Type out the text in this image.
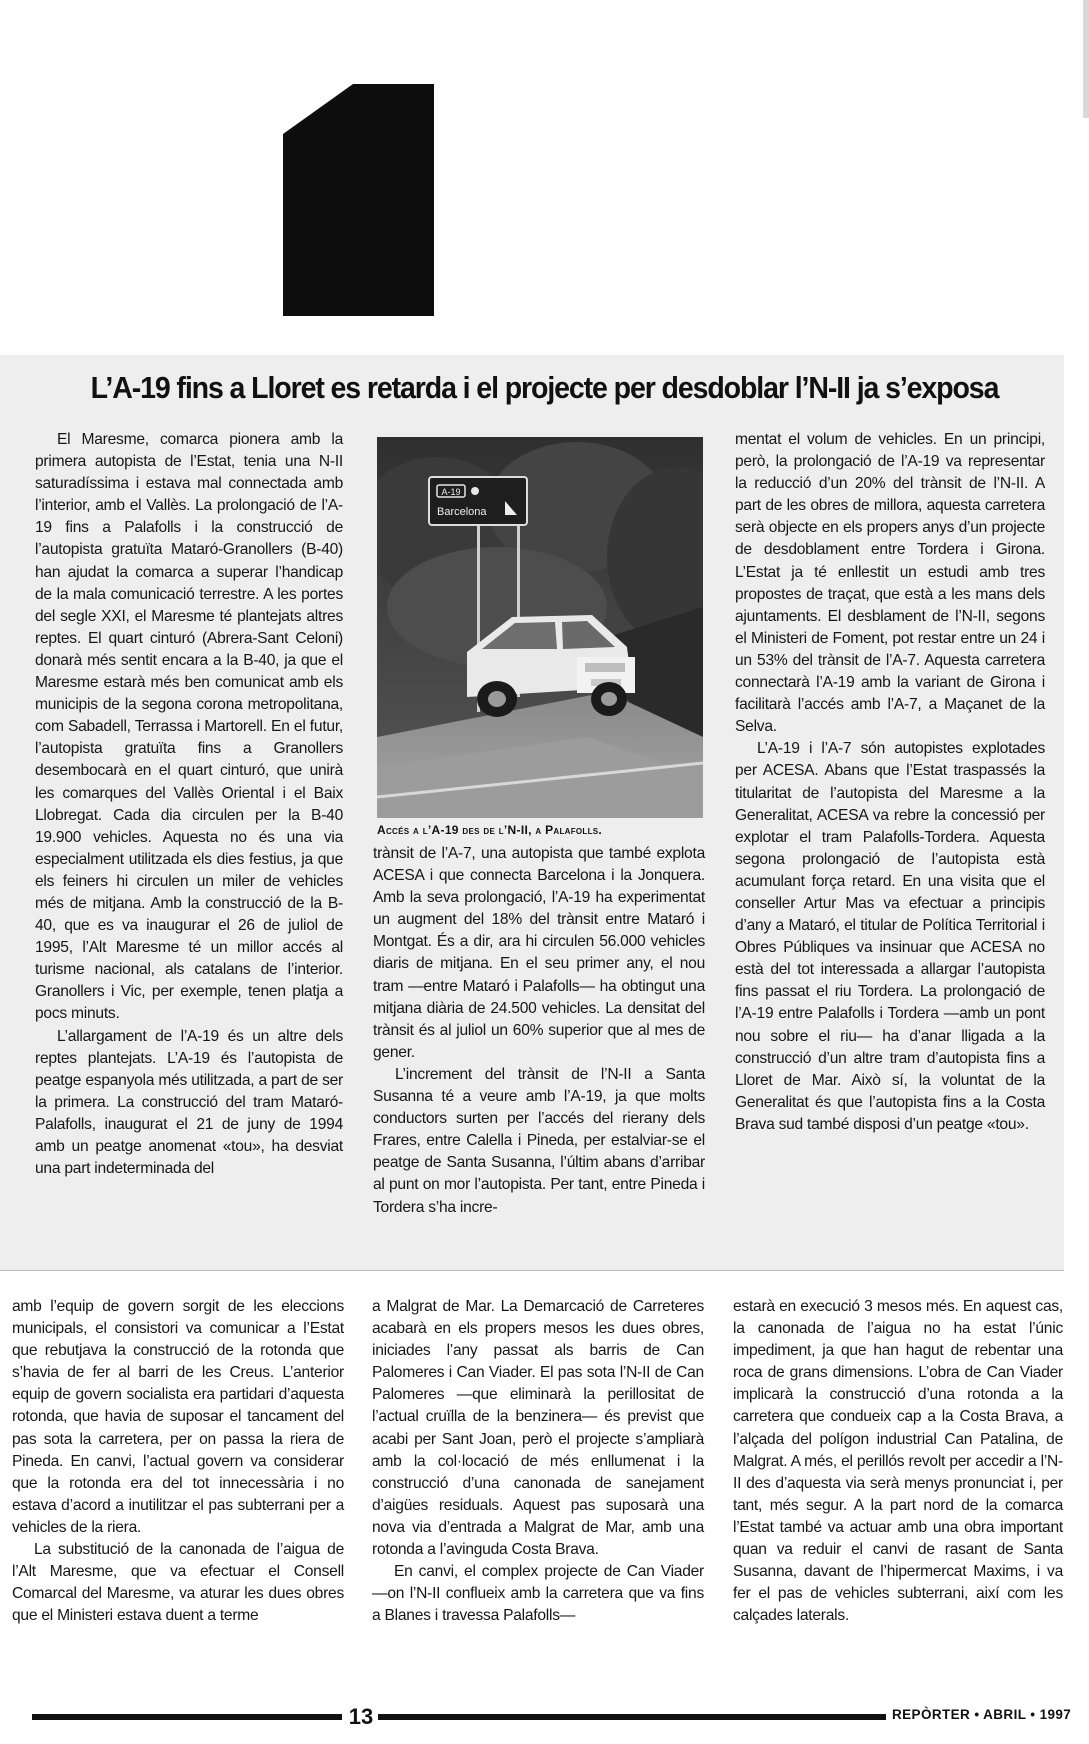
L’A-19 fins a Lloret es retarda i el projecte per desdoblar l’N-II ja s’exposa

El Maresme, comarca pionera amb la primera autopista de l’Estat, tenia una N-II saturadíssima i estava mal connectada amb l’interior, amb el Vallès. La prolongació de l’A-19 fins a Palafolls i la construcció de l’autopista gratuïta Mataró-Granollers (B-40) han ajudat la comarca a superar l’handicap de la mala comunicació terrestre. A les portes del segle XXI, el Maresme té plantejats altres reptes. El quart cinturó (Abrera-Sant Celoni) donarà més sentit encara a la B-40, ja que el Maresme estarà més ben comunicat amb els municipis de la segona corona metropolitana, com Sabadell, Terrassa i Martorell. En el futur, l’autopista gratuïta fins a Granollers desembocarà en el quart cinturó, que unirà les comarques del Vallès Oriental i el Baix Llobregat. Cada dia circulen per la B-40 19.900 vehicles. Aquesta no és una via especialment utilitzada els dies festius, ja que els feiners hi circulen un miler de vehicles més de mitjana. Amb la construcció de la B-40, que es va inaugurar el 26 de juliol de 1995, l’Alt Maresme té un millor accés al turisme nacional, als catalans de l’interior. Granollers i Vic, per exemple, tenen platja a pocs minuts.

L’allargament de l’A-19 és un altre dels reptes plantejats. L’A-19 és l’autopista de peatge espanyola més utilitzada, a part de ser la primera. La construcció del tram Mataró-Palafolls, inaugurat el 21 de juny de 1994 amb un peatge anomenat «tou», ha desviat una part indeterminada del

A-19
Barcelona
Accés a l’A-19 des de l’N-II, a Palafolls.

trànsit de l’A-7, una autopista que també explota ACESA i que connecta Barcelona i la Jonquera. Amb la seva prolongació, l’A-19 ha experimentat un augment del 18% del trànsit entre Mataró i Montgat. És a dir, ara hi circulen 56.000 vehicles diaris de mitjana. En el seu primer any, el nou tram —entre Mataró i Palafolls— ha obtingut una mitjana diària de 24.500 vehicles. La densitat del trànsit és al juliol un 60% superior que al mes de gener.

L’increment del trànsit de l’N-II a Santa Susanna té a veure amb l’A-19, ja que molts conductors surten per l’accés del rierany dels Frares, entre Calella i Pineda, per estalviar-se el peatge de Santa Susanna, l’últim abans d’arribar al punt on mor l’autopista. Per tant, entre Pineda i Tordera s’ha incre-

mentat el volum de vehicles. En un principi, però, la prolongació de l’A-19 va representar la reducció d’un 20% del trànsit de l’N-II. A part de les obres de millora, aquesta carretera serà objecte en els propers anys d’un projecte de desdoblament entre Tordera i Girona. L’Estat ja té enllestit un estudi amb tres propostes de traçat, que està a les mans dels ajuntaments. El desblament de l’N-II, segons el Ministeri de Foment, pot restar entre un 24 i un 53% del trànsit de l’A-7. Aquesta carretera connectarà l’A-19 amb la variant de Girona i facilitarà l’accés amb l’A-7, a Maçanet de la Selva.

L’A-19 i l’A-7 són autopistes explotades per ACESA. Abans que l’Estat traspassés la titularitat de l’autopista del Maresme a la Generalitat, ACESA va rebre la concessió per explotar el tram Palafolls-Tordera. Aquesta segona prolongació de l’autopista està acumulant força retard. En una visita que el conseller Artur Mas va efectuar a principis d’any a Mataró, el titular de Política Territorial i Obres Públiques va insinuar que ACESA no està del tot interessada a allargar l’autopista fins passat el riu Tordera. La prolongació de l’A-19 entre Palafolls i Tordera —amb un pont nou sobre el riu— ha d’anar lligada a la construcció d’un altre tram d’autopista fins a Lloret de Mar. Això sí, la voluntat de la Generalitat és que l’autopista fins a la Costa Brava sud també disposi d’un peatge «tou».

amb l’equip de govern sorgit de les eleccions municipals, el consistori va comunicar a l’Estat que rebutjava la construcció de la rotonda que s’havia de fer al barri de les Creus. L’anterior equip de govern socialista era partidari d’aquesta rotonda, que havia de suposar el tancament del pas sota la carretera, per on passa la riera de Pineda. En canvi, l’actual govern va considerar que la rotonda era del tot innecessària i no estava d’acord a inutilitzar el pas subterrani per a vehicles de la riera.

La substitució de la canonada de l’aigua de l’Alt Maresme, que va efectuar el Consell Comarcal del Maresme, va aturar les dues obres que el Ministeri estava duent a terme

a Malgrat de Mar. La Demarcació de Carreteres acabarà en els propers mesos les dues obres, iniciades l’any passat als barris de Can Palomeres i Can Viader. El pas sota l’N-II de Can Palomeres —que eliminarà la perillositat de l’actual cruïlla de la benzinera— és previst que acabi per Sant Joan, però el projecte s’ampliarà amb la col·locació de més enllumenat i la construcció d’una canonada de sanejament d’aigües residuals. Aquest pas suposarà una nova via d’entrada a Malgrat de Mar, amb una rotonda a l’avinguda Costa Brava.

En canvi, el complex projecte de Can Viader —on l’N-II conflueix amb la carretera que va fins a Blanes i travessa Palafolls—

estarà en execució 3 mesos més. En aquest cas, la canonada de l’aigua no ha estat l’únic impediment, ja que han hagut de rebentar una roca de grans dimensions. L’obra de Can Viader implicarà la construcció d’una rotonda a la carretera que condueix cap a la Costa Brava, a l’alçada del polígon industrial Can Patalina, de Malgrat. A més, el perillós revolt per accedir a l’N-II des d’aquesta via serà menys pronunciat i, per tant, més segur. A la part nord de la comarca l’Estat també va actuar amb una obra important quan va reduir el canvi de rasant de Santa Susanna, davant de l’hipermercat Maxims, i va fer el pas de vehicles subterrani, així com les calçades laterals.

13	REPÒRTER • ABRIL • 1997
